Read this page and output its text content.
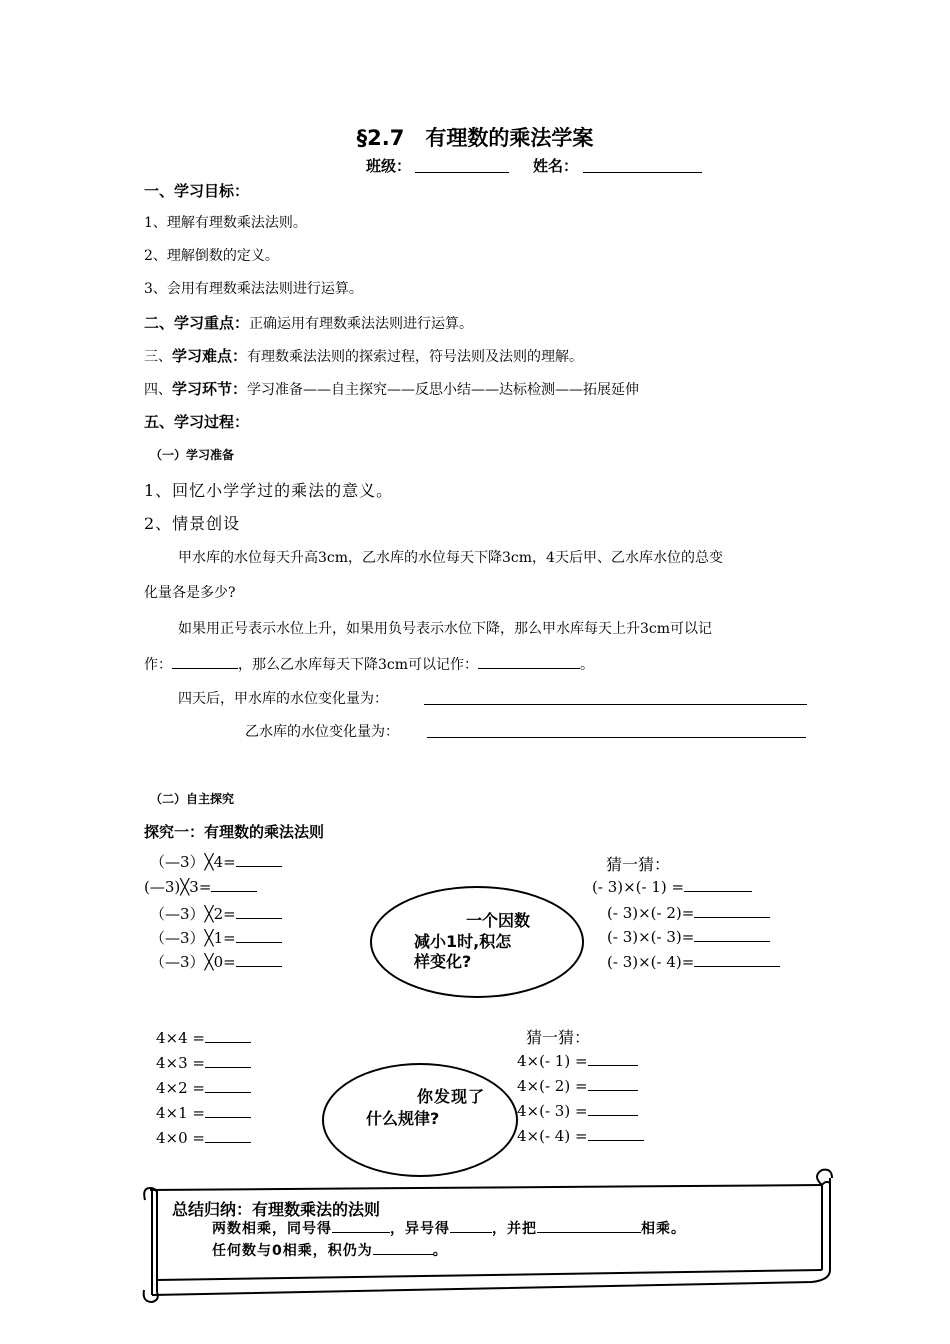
§2.7　有理数的乘法学案
班级：	姓名：
一、学习目标：
1、理解有理数乘法法则。
2、理解倒数的定义。
3、会用有理数乘法法则进行运算。
二、学习重点：正确运用有理数乘法法则进行运算。
三、学习难点：有理数乘法法则的探索过程，符号法则及法则的理解。
四、学习环节：学习准备——自主探究——反思小结——达标检测——拓展延伸
五、学习过程：
（一）学习准备
1、回忆小学学过的乘法的意义。
2、情景创设
甲水库的水位每天升高3cm，乙水库的水位每天下降3cm，4天后甲、乙水库水位的总变
化量各是多少?
如果用正号表示水位上升，如果用负号表示水位下降，那么甲水库每天上升3cm可以记
作：	，那么乙水库每天下降3cm可以记作：	。
四天后，甲水库的水位变化量为：
乙水库的水位变化量为：
（二）自主探究
探究一：有理数的乘法法则
（—3）╳4=
(—3)╳3=
（—3）╳2=
（—3）╳1=
（—3）╳0=
猜一猜：
(- 3)×(- 1) =
(- 3)×(- 2)=
(- 3)×(- 3)=
(- 3)×(- 4)=
一个因数
减小1时,积怎
样变化?
4×4 =
4×3 =
4×2 =
4×1 =
4×0 =
猜一猜：
4×(- 1) =
4×(- 2) =
4×(- 3) =
4×(- 4) =
你发现了
什么规律?
总结归纳：有理数乘法的法则
两数相乘，同号得	，异号得	，并把	相乘。
任何数与0相乘，积仍为	。
